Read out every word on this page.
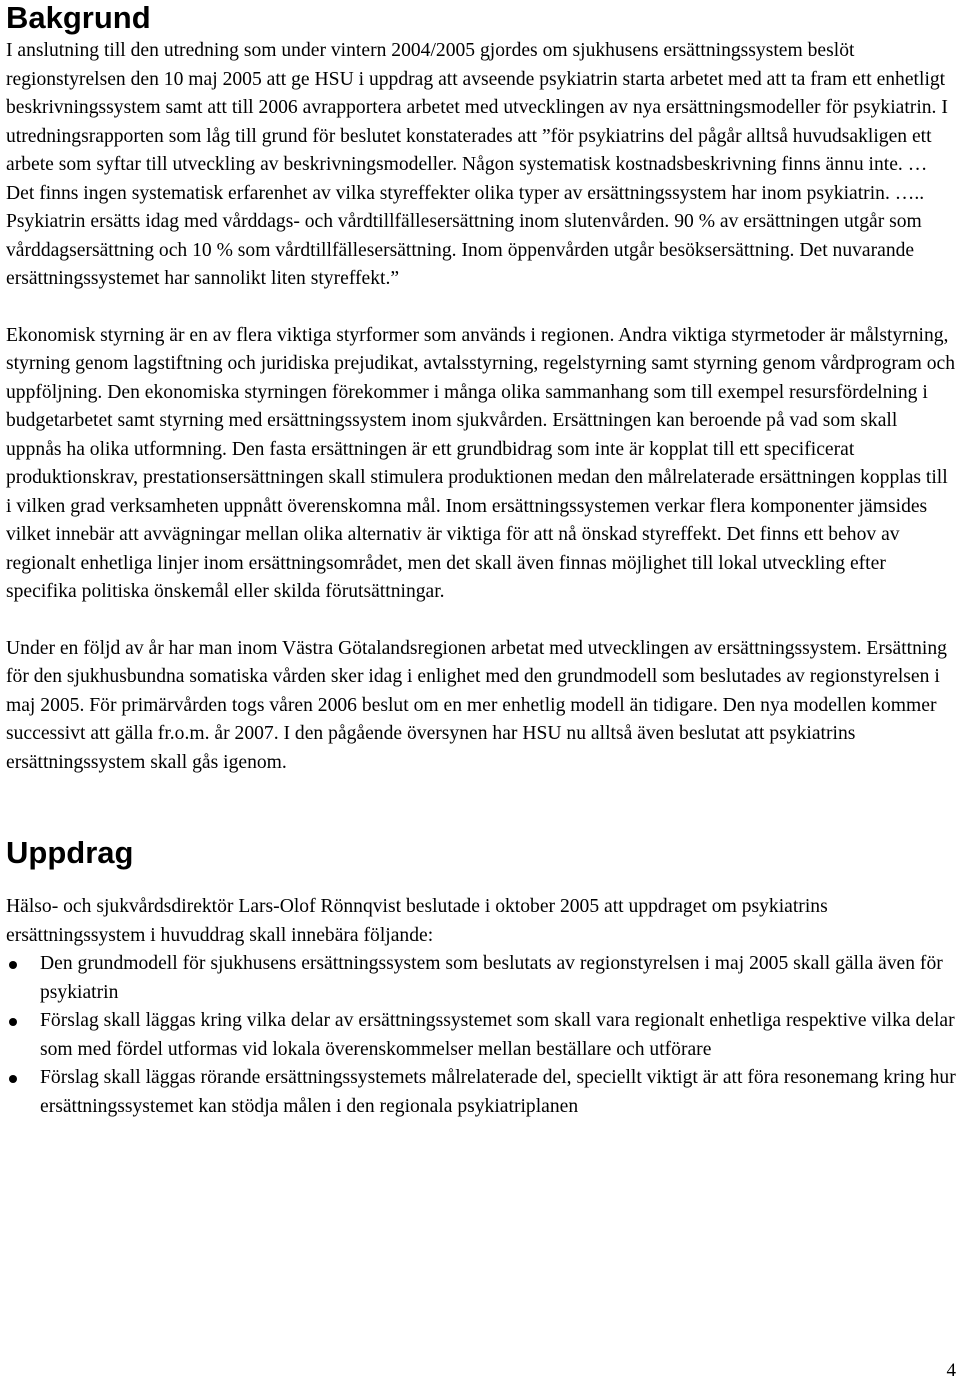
Bakgrund

I anslutning till den utredning som under vintern 2004/2005 gjordes om sjukhusens ersättningssystem beslöt regionstyrelsen den 10 maj 2005 att ge HSU i uppdrag att avseende psykiatrin starta arbetet med att ta fram ett enhetligt beskrivningssystem samt att till 2006 avrapportera arbetet med utvecklingen av nya ersättningsmodeller för psykiatrin. I utredningsrapporten som låg till grund för beslutet konstaterades att ”för psykiatrins del pågår alltså huvudsakligen ett arbete som syftar till utveckling av beskrivningsmodeller. Någon systematisk kostnadsbeskrivning finns ännu inte. … Det finns ingen systematisk erfarenhet av vilka styreffekter olika typer av ersättningssystem har inom psykiatrin. ….. Psykiatrin ersätts idag med vårddags- och vårdtillfällesersättning inom slutenvården. 90 % av ersättningen utgår som vårddagsersättning och 10 % som vårdtillfällesersättning. Inom öppenvården utgår besöksersättning. Det nuvarande ersättningssystemet har sannolikt liten styreffekt.”

Ekonomisk styrning är en av flera viktiga styrformer som används i regionen. Andra viktiga styrmetoder är målstyrning, styrning genom lagstiftning och juridiska prejudikat, avtalsstyrning, regelstyrning samt styrning genom vårdprogram och uppföljning. Den ekonomiska styrningen förekommer i många olika sammanhang som till exempel resursfördelning i budgetarbetet samt styrning med ersättningssystem inom sjukvården. Ersättningen kan beroende på vad som skall uppnås ha olika utformning. Den fasta ersättningen är ett grundbidrag som inte är kopplat till ett specificerat produktionskrav, prestationsersättningen skall stimulera produktionen medan den målrelaterade ersättningen kopplas till i vilken grad verksamheten uppnått överenskomna mål. Inom ersättningssystemen verkar flera komponenter jämsides vilket innebär att avvägningar mellan olika alternativ är viktiga för att nå önskad styreffekt. Det finns ett behov av regionalt enhetliga linjer inom ersättningsområdet, men det skall även finnas möjlighet till lokal utveckling efter specifika politiska önskemål eller skilda förutsättningar.

Under en följd av år har man inom Västra Götalandsregionen arbetat med utvecklingen av ersättningssystem. Ersättning för den sjukhusbundna somatiska vården sker idag i enlighet med den grundmodell som beslutades av regionstyrelsen i maj 2005. För primärvården togs våren 2006 beslut om en mer enhetlig modell än tidigare. Den nya modellen kommer successivt att gälla fr.o.m. år 2007. I den pågående översynen har HSU nu alltså även beslutat att psykiatrins ersättningssystem skall gås igenom.

Uppdrag

Hälso- och sjukvårdsdirektör Lars-Olof Rönnqvist beslutade i oktober 2005 att uppdraget om psykiatrins ersättningssystem i huvuddrag skall innebära följande:

Den grundmodell för sjukhusens ersättningssystem som beslutats av regionstyrelsen i maj 2005 skall gälla även för psykiatrin
Förslag skall läggas kring vilka delar av ersättningssystemet som skall vara regionalt enhetliga respektive vilka delar som med fördel utformas vid lokala överenskommelser mellan beställare och utförare
Förslag skall läggas rörande ersättningssystemets målrelaterade del, speciellt viktigt är att föra resonemang kring hur ersättningssystemet kan stödja målen i den regionala psykiatriplanen
4
